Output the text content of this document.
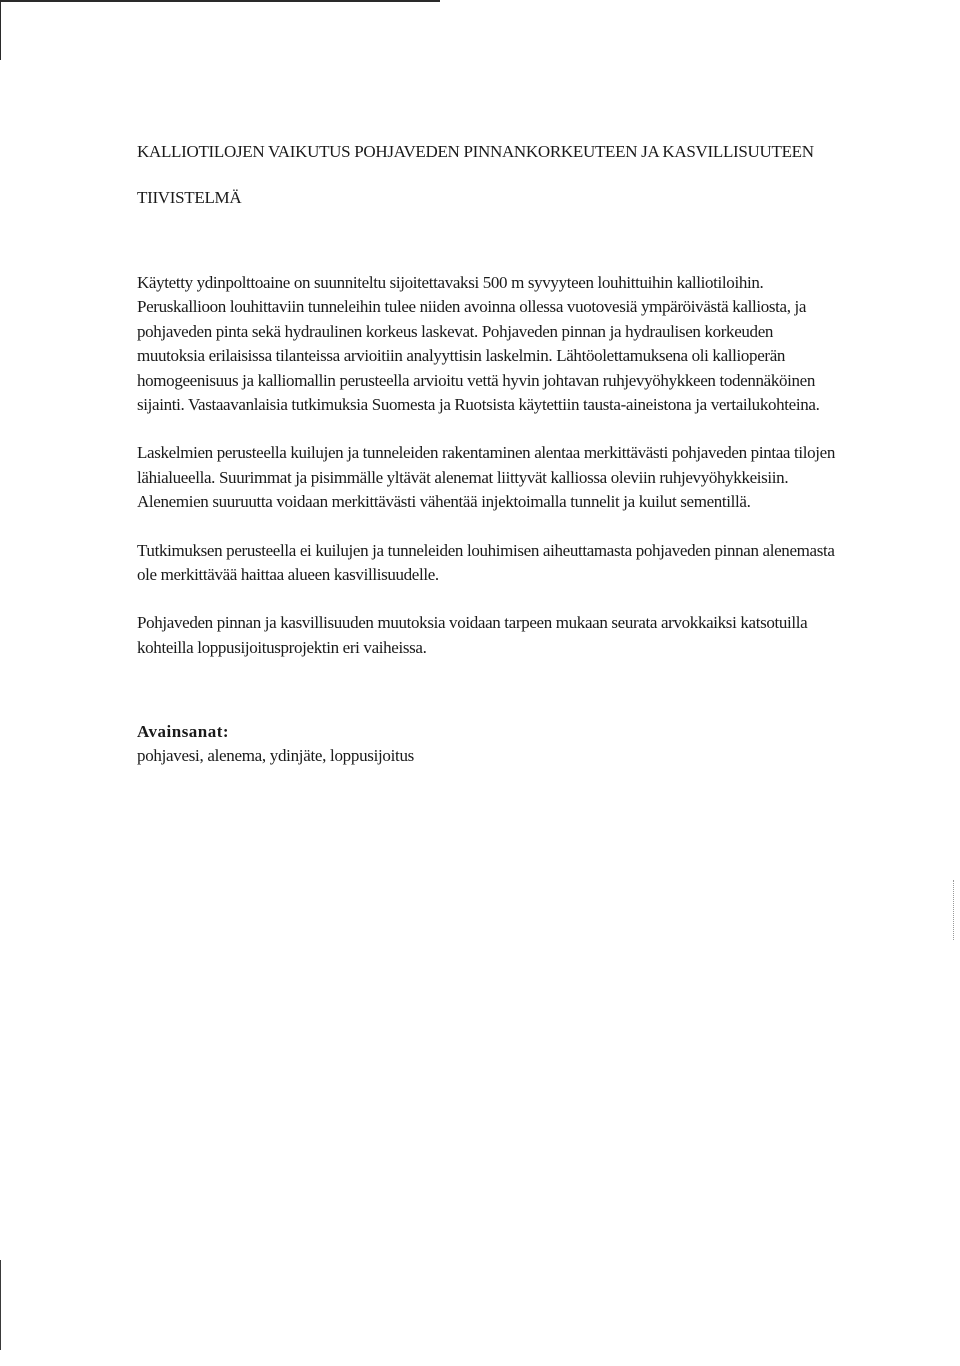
KALLIOTILOJEN VAIKUTUS POHJAVEDEN PINNANKORKEUTEEN JA KASVILLISUUTEEN
TIIVISTELMÄ

Käytetty ydinpolttoaine on suunniteltu sijoitettavaksi 500 m syvyyteen louhittuihin kalliotiloihin. Peruskallioon louhittaviin tunneleihin tulee niiden avoinna ollessa vuotovesiä ympäröivästä kalliosta, ja pohjaveden pinta sekä hydraulinen korkeus laskevat. Pohjaveden pinnan ja hydraulisen korkeuden muutoksia erilaisissa tilanteissa arvioitiin analyyttisin laskelmin. Lähtöolettamuksena oli kallioperän homogeenisuus ja kalliomallin perusteella arvioitu vettä hyvin johtavan ruhjevyöhykkeen todennäköinen sijainti. Vastaavanlaisia tutkimuksia Suomesta ja Ruotsista käytettiin tausta-aineistona ja vertailukohteina.

Laskelmien perusteella kuilujen ja tunneleiden rakentaminen alentaa merkittävästi pohjaveden pintaa tilojen lähialueella. Suurimmat ja pisimmälle yltävät alenemat liittyvät kalliossa oleviin ruhjevyöhykkeisiin. Alenemien suuruutta voidaan merkittävästi vähentää injektoimalla tunnelit ja kuilut sementillä.

Tutkimuksen perusteella ei kuilujen ja tunneleiden louhimisen aiheuttamasta pohjaveden pinnan alenemasta ole merkittävää haittaa alueen kasvillisuudelle.

Pohjaveden pinnan ja kasvillisuuden muutoksia voidaan tarpeen mukaan seurata arvokkaiksi katsotuilla kohteilla loppusijoitusprojektin eri vaiheissa.

Avainsanat:

pohjavesi, alenema, ydinjäte, loppusijoitus
